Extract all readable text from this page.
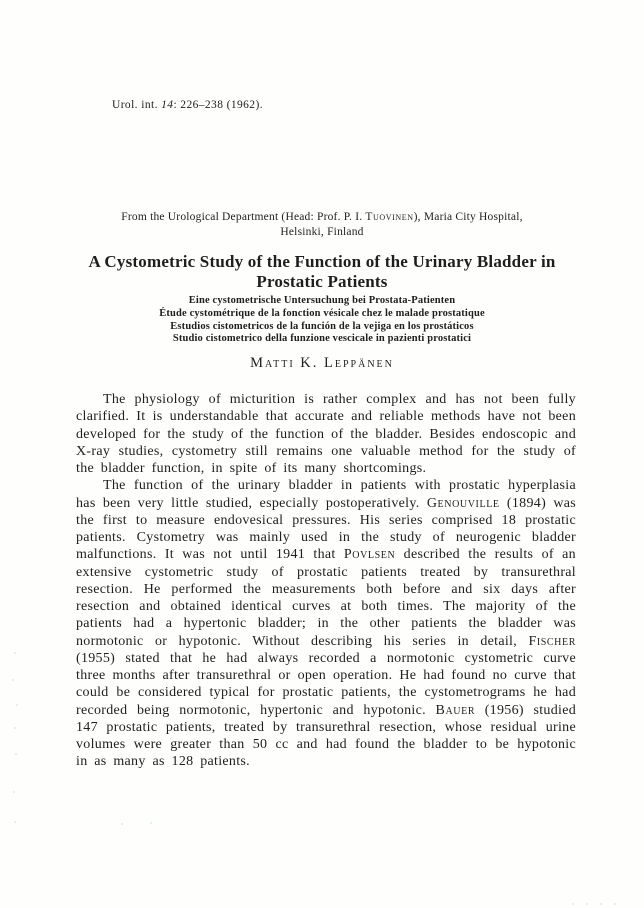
Urol. int. 14: 226–238 (1962).
From the Urological Department (Head: Prof. P. I. Tuovinen), Maria City Hospital,
Helsinki, Finland
A Cystometric Study of the Function of the Urinary Bladder in Prostatic Patients
Eine cystometrische Untersuchung bei Prostata-Patienten
Étude cystométrique de la fonction vésicale chez le malade prostatique
Estudios cistometricos de la función de la vejiga en los prostáticos
Studio cistometrico della funzione vescicale in pazienti prostatici
Matti K. Leppänen

The physiology of micturition is rather complex and has not been fully clarified. It is understandable that accurate and reliable methods have not been developed for the study of the function of the bladder. Besides endoscopic and X-ray studies, cystometry still remains one valuable method for the study of the bladder function, in spite of its many shortcomings.

The function of the urinary bladder in patients with prostatic hyperplasia has been very little studied, especially postoperatively. Genouville (1894) was the first to measure endovesical pressures. His series comprised 18 prostatic patients. Cystometry was mainly used in the study of neurogenic bladder malfunctions. It was not until 1941 that Povlsen described the results of an extensive cystometric study of prostatic patients treated by transurethral resection. He performed the measurements both before and six days after resection and obtained identical curves at both times. The majority of the patients had a hypertonic bladder; in the other patients the bladder was normotonic or hypotonic. Without describing his series in detail, Fischer (1955) stated that he had always recorded a normotonic cystometric curve three months after transurethral or open operation. He had found no curve that could be considered typical for prostatic patients, the cystometrograms he had recorded being normotonic, hypertonic and hypotonic. Bauer (1956) studied 147 prostatic patients, treated by transurethral resection, whose residual urine volumes were greater than 50 cc and had found the bladder to be hypotonic in as many as 128 patients.
